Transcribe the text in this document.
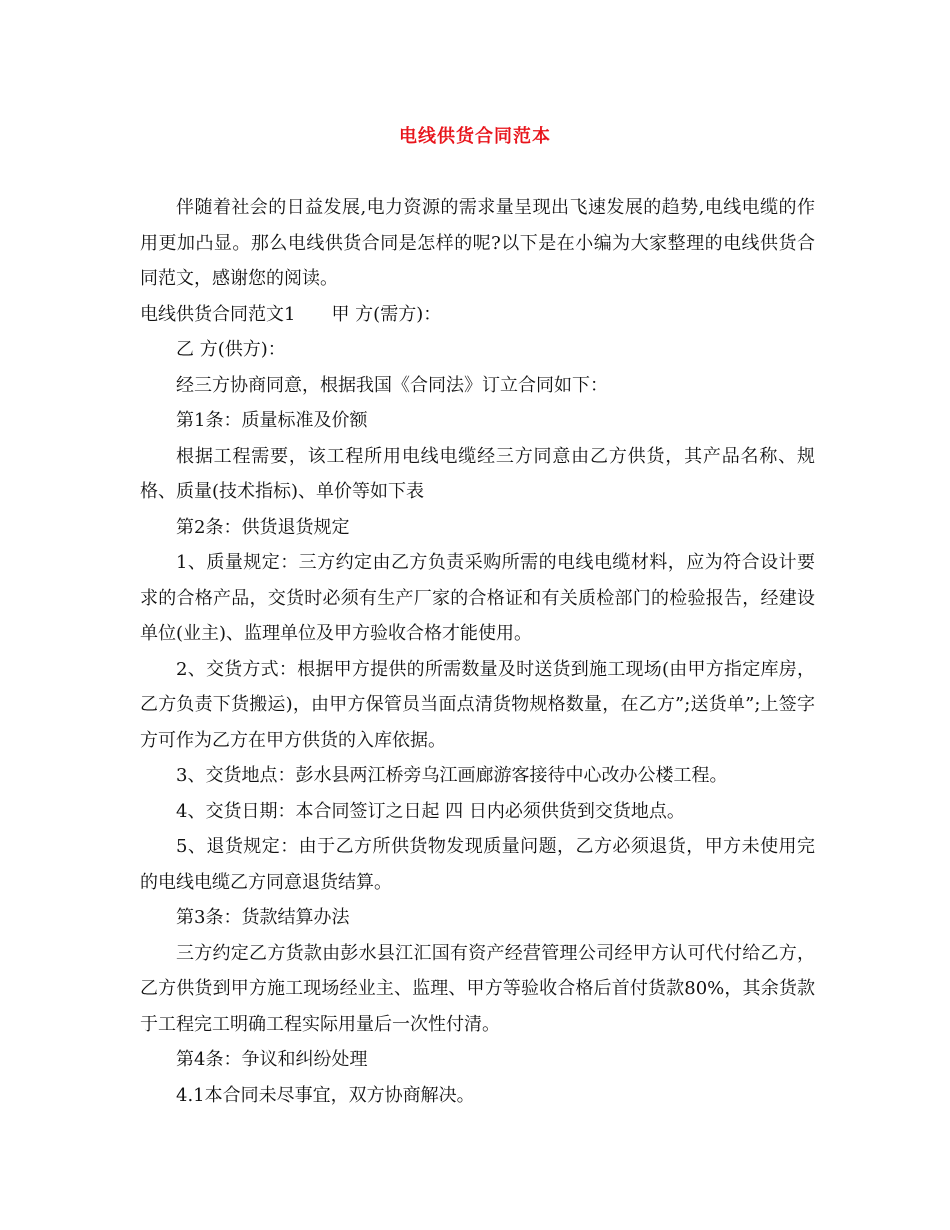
电线供货合同范本

伴随着社会的日益发展,电力资源的需求量呈现出飞速发展的趋势,电线电缆的作用更加凸显。那么电线供货合同是怎样的呢?以下是在小编为大家整理的电线供货合同范文，感谢您的阅读。

电线供货合同范文1 甲 方(需方)：

乙 方(供方)：

经三方协商同意，根据我国《合同法》订立合同如下：

第1条：质量标准及价额

根据工程需要，该工程所用电线电缆经三方同意由乙方供货，其产品名称、规格、质量(技术指标)、单价等如下表

第2条：供货退货规定

1、质量规定：三方约定由乙方负责采购所需的电线电缆材料，应为符合设计要求的合格产品，交货时必须有生产厂家的合格证和有关质检部门的检验报告，经建设单位(业主)、监理单位及甲方验收合格才能使用。

2、交货方式：根据甲方提供的所需数量及时送货到施工现场(由甲方指定库房，乙方负责下货搬运)，由甲方保管员当面点清货物规格数量，在乙方”;送货单”;上签字方可作为乙方在甲方供货的入库依据。

3、交货地点：彭水县两江桥旁乌江画廊游客接待中心改办公楼工程。

4、交货日期：本合同签订之日起 四 日内必须供货到交货地点。

5、退货规定：由于乙方所供货物发现质量问题，乙方必须退货，甲方未使用完的电线电缆乙方同意退货结算。

第3条：货款结算办法

三方约定乙方货款由彭水县江汇国有资产经营管理公司经甲方认可代付给乙方，乙方供货到甲方施工现场经业主、监理、甲方等验收合格后首付货款80%，其余货款于工程完工明确工程实际用量后一次性付清。

第4条：争议和纠纷处理

4.1本合同未尽事宜，双方协商解决。
